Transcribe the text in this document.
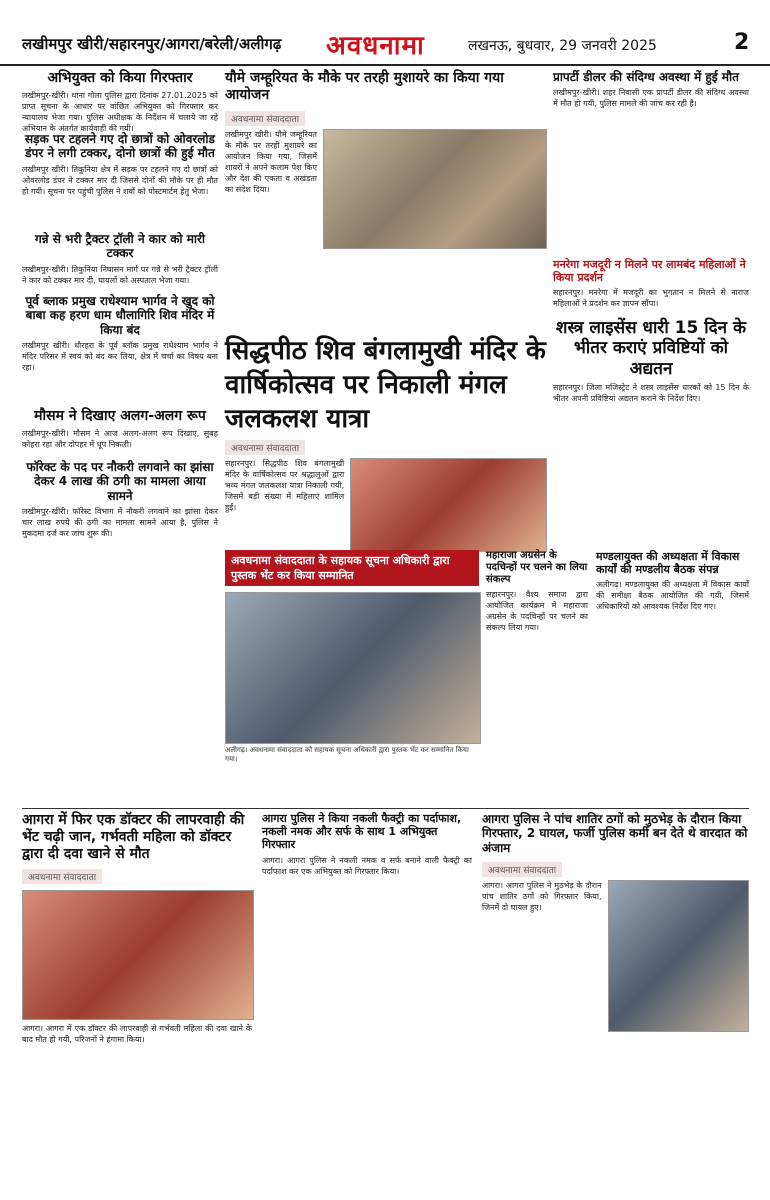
लखीमपुर खीरी/सहारनपुर/आगरा/बरेली/अलीगढ़ अवधनामा	लखनऊ, बुधवार, 29 जनवरी 2025	2
अभियुक्त को किया गिरफ्तार
लखीमपुर-खीरी। थाना गोला पुलिस द्वारा दिनांक 27.01.2025 को प्राप्त सूचना के आधार पर वांछित अभियुक्त को गिरफ्तार कर न्यायालय भेजा गया। पुलिस अधीक्षक के निर्देशन में चलाये जा रहे अभियान के अंतर्गत कार्यवाही की गयी।
सड़क पर टहलने गए दो छात्रों को ओवरलोड डंपर ने लगी टक्कर, दोनो छात्रों की हुई मौत
लखीमपुर खीरी। तिकुनिया क्षेत्र में सड़क पर टहलने गए दो छात्रों को ओवरलोड डंपर ने टक्कर मार दी जिससे दोनों की मौके पर ही मौत हो गयी। सूचना पर पहुंची पुलिस ने शवों को पोस्टमार्टम हेतु भेजा।
गन्ने से भरी ट्रैक्टर ट्रॉली ने कार को मारी टक्कर
लखीमपुर-खीरी। तिकुनिया निघासन मार्ग पर गन्ने से भरी ट्रैक्टर ट्रॉली ने कार को टक्कर मार दी, घायलों को अस्पताल भेजा गया।
पूर्व ब्लाक प्रमुख राधेश्याम भार्गव ने खुद को बाबा कह हरण धाम धौलागिरि शिव मंदिर में किया बंद
लखीमपुर खीरी। धौरहरा के पूर्व ब्लॉक प्रमुख राधेश्याम भार्गव ने मंदिर परिसर में स्वयं को बंद कर लिया, क्षेत्र में चर्चा का विषय बना रहा।
मौसम ने दिखाए अलग-अलग रूप
लखीमपुर-खीरी। मौसम ने आज अलग-अलग रूप दिखाए, सुबह कोहरा रहा और दोपहर में धूप निकली।
फॉरेक्ट के पद पर नौकरी लगवाने का झांसा देकर 4 लाख की ठगी का मामला आया सामने
लखीमपुर-खीरी। फॉरेस्ट विभाग में नौकरी लगवाने का झांसा देकर चार लाख रुपये की ठगी का मामला सामने आया है, पुलिस ने मुकदमा दर्ज कर जांच शुरू की।
यौमे जम्हूरियत के मौके पर तरही मुशायरे का किया गया आयोजन
अवधनामा संवाददाता
लखीमपुर खीरी। यौमे जम्हूरियत के मौके पर तरही मुशायरे का आयोजन किया गया, जिसमें शायरों ने अपने कलाम पेश किए और देश की एकता व अखंडता का संदेश दिया।
प्रापर्टी डीलर की संदिग्ध अवस्था में हुई मौत
लखीमपुर-खीरी। शहर निवासी एक प्रापर्टी डीलर की संदिग्ध अवस्था में मौत हो गयी, पुलिस मामले की जांच कर रही है।
मनरेगा मजदूरी न मिलने पर लामबंद महिलाओं ने किया प्रदर्शन
सहारनपुर। मनरेगा में मजदूरी का भुगतान न मिलने से नाराज महिलाओं ने प्रदर्शन कर ज्ञापन सौंपा।
शस्त्र लाइसेंस धारी 15 दिन के भीतर कराएं प्रविष्टियों को अद्यतन
सहारनपुर। जिला मजिस्ट्रेट ने शस्त्र लाइसेंस धारकों को 15 दिन के भीतर अपनी प्रविष्टियां अद्यतन कराने के निर्देश दिए।
सिद्धपीठ शिव बंगलामुखी मंदिर के वार्षिकोत्सव पर निकाली मंगल जलकलश यात्रा
अवधनामा संवाददाता
सहारनपुर। सिद्धपीठ शिव बंगलामुखी मंदिर के वार्षिकोत्सव पर श्रद्धालुओं द्वारा भव्य मंगल जलकलश यात्रा निकाली गयी, जिसमें बड़ी संख्या में महिलाएं शामिल हुईं।
अवधनामा संवाददाता के सहायक सूचना अधिकारी द्वारा पुस्तक भेंट कर किया सम्मानित
अलीगढ़। अवधनामा संवाददाता को सहायक सूचना अधिकारी द्वारा पुस्तक भेंट कर सम्मानित किया गया।
महाराजा अग्रसेन के पदचिन्हों पर चलने का लिया संकल्प
सहारनपुर। वैश्य समाज द्वारा आयोजित कार्यक्रम में महाराजा अग्रसेन के पदचिन्हों पर चलने का संकल्प लिया गया।
मण्डलायुक्त की अध्यक्षता में विकास कार्यों की मण्डलीय बैठक संपन्न
अलीगढ़। मण्डलायुक्त की अध्यक्षता में विकास कार्यों की समीक्षा बैठक आयोजित की गयी, जिसमें अधिकारियों को आवश्यक निर्देश दिए गए।
आगरा में फिर एक डॉक्टर की लापरवाही की भेंट चढ़ी जान, गर्भवती महिला को डॉक्टर द्वारा दी दवा खाने से मौत
अवधनामा संवाददाता
आगरा। आगरा में एक डॉक्टर की लापरवाही से गर्भवती महिला की दवा खाने के बाद मौत हो गयी, परिजनों ने हंगामा किया।
आगरा पुलिस ने किया नकली फैक्ट्री का पर्दाफाश, नकली नमक और सर्फ के साथ 1 अभियुक्त गिरफ्तार
आगरा। आगरा पुलिस ने नकली नमक व सर्फ बनाने वाली फैक्ट्री का पर्दाफाश कर एक अभियुक्त को गिरफ्तार किया।
आगरा पुलिस ने पांच शातिर ठगों को मुठभेड़ के दौरान किया गिरफ्तार, 2 घायल, फर्जी पुलिस कर्मी बन देते थे वारदात को अंजाम
अवधनामा संवाददाता
आगरा। आगरा पुलिस ने मुठभेड़ के दौरान पांच शातिर ठगों को गिरफ्तार किया, जिनमें दो घायल हुए।
